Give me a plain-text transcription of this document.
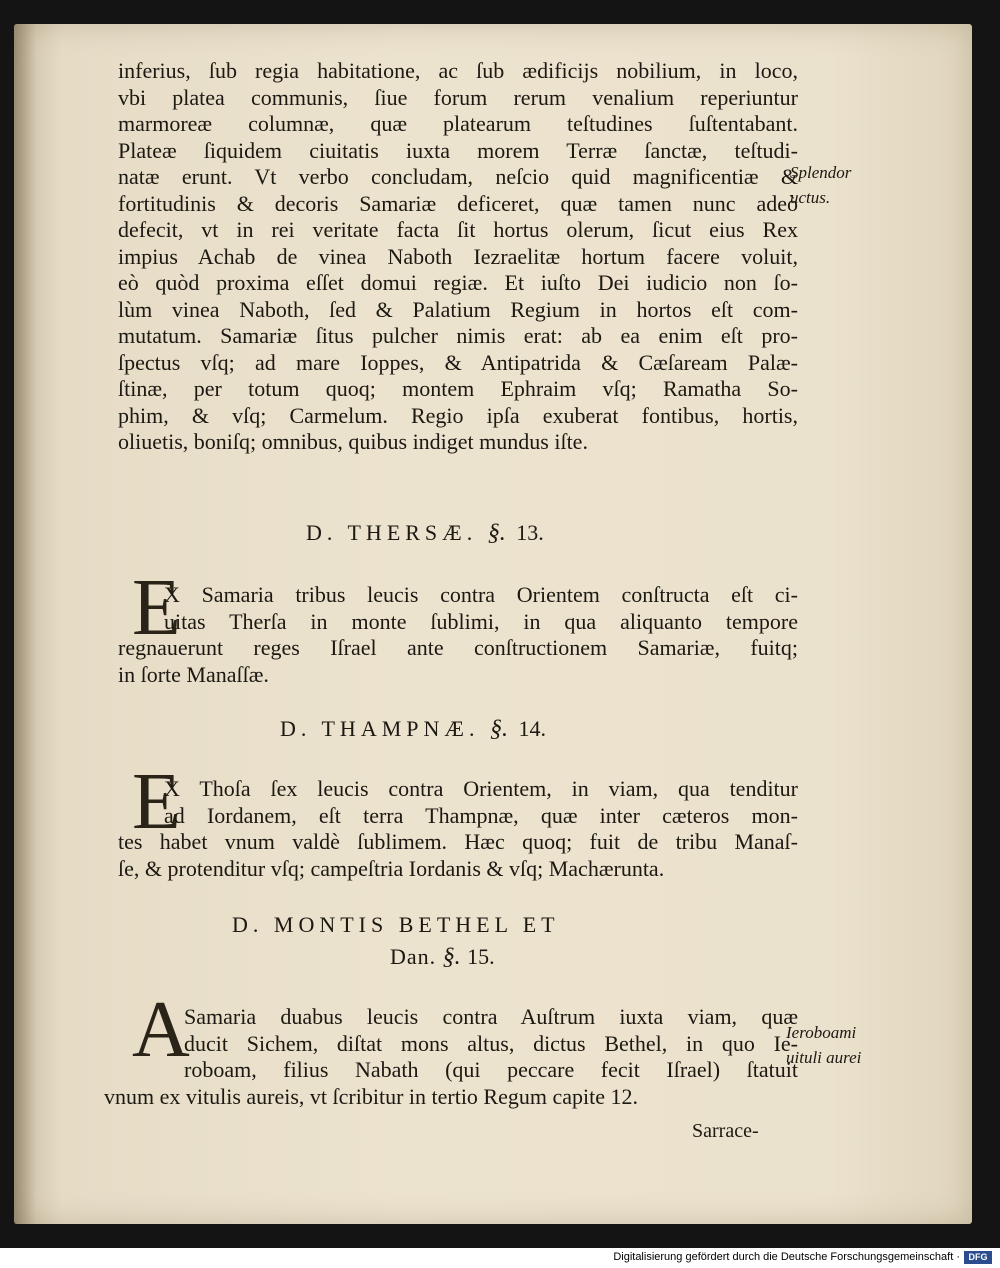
inferius, ſub regia habitatione, ac ſub ædificijs nobilium, in loco,
vbi platea communis, ſiue forum rerum venalium reperiuntur
marmoreæ columnæ, quæ platearum teſtudines ſuſtentabant.
Plateæ ſiquidem ciuitatis iuxta morem Terræ ſanctæ, teſtudi-
natæ erunt. Vt verbo concludam, neſcio quid magnificentiæ &
fortitudinis & decoris Samariæ deficeret, quæ tamen nunc adeò
defecit, vt in rei veritate facta ſit hortus olerum, ſicut eius Rex
impius Achab de vinea Naboth Iezraelitæ hortum facere voluit,
eò quòd proxima eſſet domui regiæ. Et iuſto Dei iudicio non ſo-
lùm vinea Naboth, ſed & Palatium Regium in hortos eſt com-
mutatum. Samariæ ſitus pulcher nimis erat: ab ea enim eſt pro-
ſpectus vſq; ad mare Ioppes, & Antipatrida & Cæſaream Palæ-
ſtinæ, per totum quoq; montem Ephraim vſq; Ramatha So-
phim, & vſq; Carmelum. Regio ipſa exuberat fontibus, hortis,
oliuetis, boniſq; omnibus, quibus indiget mundus iſte.
Splendor
uctus.
D. THERSÆ. §. 13.
E
X Samaria tribus leucis contra Orientem conſtructa eſt ci-
uitas Therſa in monte ſublimi, in qua aliquanto tempore
regnauerunt reges Iſrael ante conſtructionem Samariæ, fuitq;
in ſorte Manaſſæ.
D. THAMPNÆ. §. 14.
E
X Thoſa ſex leucis contra Orientem, in viam, qua tenditur
ad Iordanem, eſt terra Thampnæ, quæ inter cæteros mon-
tes habet vnum valdè ſublimem. Hæc quoq; fuit de tribu Manaſ-
ſe, & protenditur vſq; campeſtria Iordanis & vſq; Machærunta.
D. MONTIS BETHEL ET
Dan. §. 15.
A
Samaria duabus leucis contra Auſtrum iuxta viam, quæ
ducit Sichem, diſtat mons altus, dictus Bethel, in quo Ie-
roboam, filius Nabath (qui peccare fecit Iſrael) ſtatuit
vnum ex vitulis aureis, vt ſcribitur in tertio Regum capite 12.
Ieroboami
uituli aurei
Sarrace-
Digitalisierung gefördert durch die Deutsche Forschungsgemeinschaft · DFG
